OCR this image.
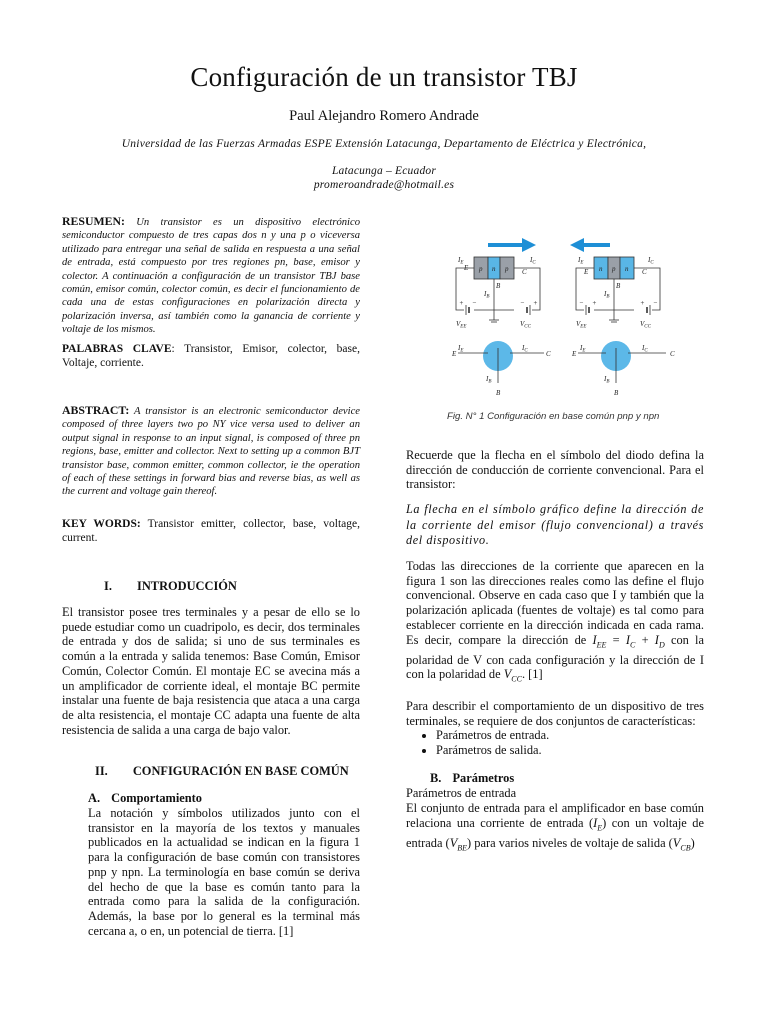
Configuración de un transistor TBJ
Paul Alejandro Romero Andrade
Universidad de las Fuerzas Armadas ESPE Extensión Latacunga, Departamento de Eléctrica y Electrónica,
Latacunga – Ecuador
promeroandrade@hotmail.es
RESUMEN: Un transistor es un dispositivo electrónico semiconductor compuesto de tres capas dos n y una p o viceversa utilizado para entregar una señal de salida en respuesta a una señal de entrada, está compuesto por tres regiones pn, base, emisor y colector. A continuación a configuración de un transistor TBJ base común, emisor común, colector común, es decir el funcionamiento de cada una de estas configuraciones en polarización directa y polarización inversa, así también como la ganancia de corriente y voltaje de los mismos.
PALABRAS CLAVE: Transistor, Emisor, colector, base, Voltaje, corriente.
ABSTRACT: A transistor is an electronic semiconductor device composed of three layers two po NY vice versa used to deliver an output signal in response to an input signal, is composed of three pn regions, base, emitter and collector. Next to setting up a common BJT transistor base, common emitter, common collector, ie the operation of each of these settings in forward bias and reverse bias, as well as the current and voltage gain thereof.
KEY WORDS: Transistor emitter, collector, base, voltage, current.
I. INTRODUCCIÓN
El transistor posee tres terminales y a pesar de ello se lo puede estudiar como un cuadripolo, es decir, dos terminales de entrada y dos de salida; si uno de sus terminales es común a la entrada y salida tenemos: Base Común, Emisor Común, Colector Común. El montaje EC se avecina más a un amplificador de corriente ideal, el montaje BC permite instalar una fuente de baja resistencia que ataca a una carga de alta resistencia, el montaje CC adapta una fuente de alta resistencia de salida a una carga de bajo valor.
II. CONFIGURACIÓN EN BASE COMÚN
A. Comportamiento
La notación y símbolos utilizados junto con el transistor en la mayoría de los textos y manuales publicados en la actualidad se indican en la figura 1 para la configuración de base común con transistores pnp y npn. La terminología en base común se deriva del hecho de que la base es común tanto para la entrada como para la salida de la configuración. Además, la base por lo general es la terminal más cercana a, o en, un potencial de tierra. [1]
p n p
$I_E$
E
$I_C$
C
B
$I_B$
+ −	− +
$V_{EE}$	$V_{CC}$
E
$I_E$	$I_C$	C
$I_B$
B
n p n
$I_E$
E
$I_C$
C
B
$I_B$
− +	+ −
$V_{EE}$	$V_{CC}$
E
$I_E$	$I_C$	C
$I_B$
B
Fig. N° 1 Configuración en base común pnp y npn
Recuerde que la flecha en el símbolo del diodo defina la dirección de conducción de corriente convencional. Para el transistor:
La flecha en el símbolo gráfico define la dirección de la corriente del emisor (flujo convencional) a través del dispositivo.
Todas las direcciones de la corriente que aparecen en la figura 1 son las direcciones reales como las define el flujo convencional. Observe en cada caso que I y también que la polarización aplicada (fuentes de voltaje) es tal como para establecer corriente en la dirección indicada en cada rama. Es decir, compare la dirección de $I_{EE} = I_C + I_D$ con la polaridad de V con cada configuración y la dirección de I con la polaridad de $V_{CC}$. [1]
Para describir el comportamiento de un dispositivo de tres terminales, se requiere de dos conjuntos de características:
• Parámetros de entrada.
• Parámetros de salida.
B. Parámetros
Parámetros de entrada
El conjunto de entrada para el amplificador en base común relaciona una corriente de entrada $(I_E)$ con un voltaje de entrada $(V_{BE})$ para varios niveles de voltaje de salida $(V_{CB})$
